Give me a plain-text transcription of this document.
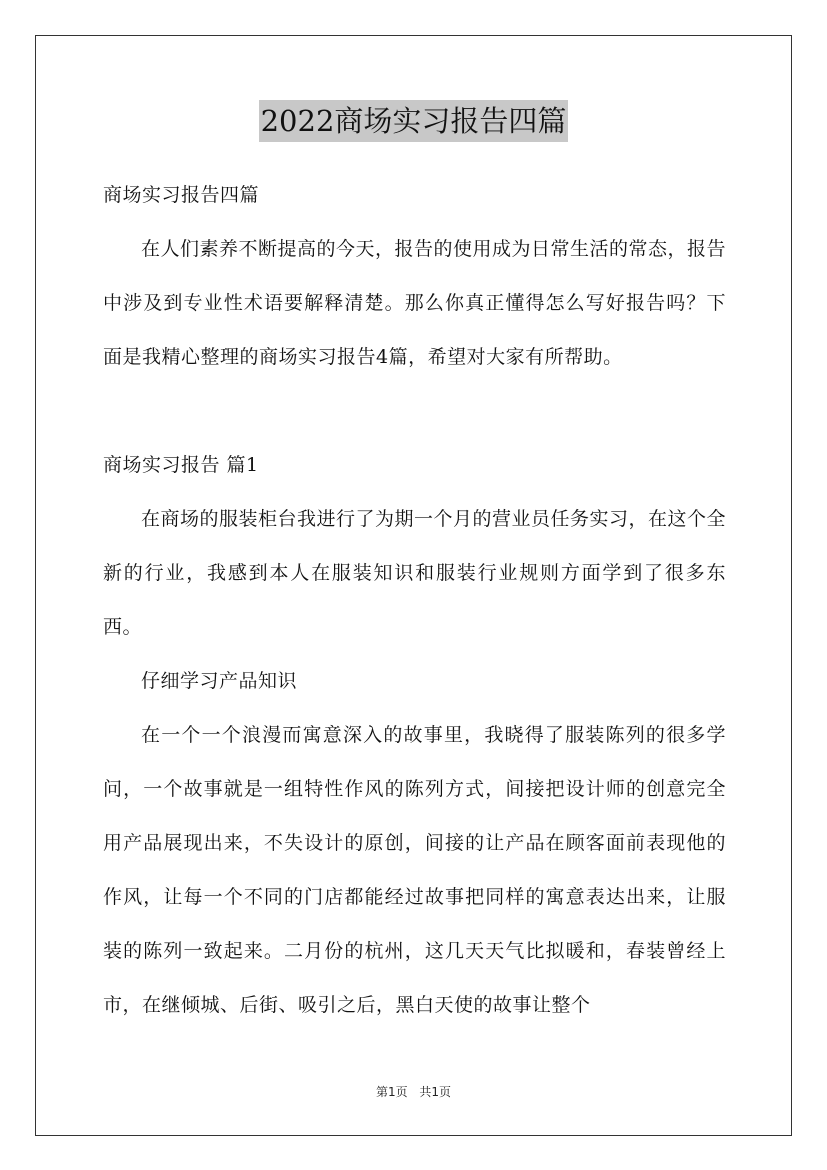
2022商场实习报告四篇

商场实习报告四篇

在人们素养不断提高的今天，报告的使用成为日常生活的常态，报告中涉及到专业性术语要解释清楚。那么你真正懂得怎么写好报告吗？下面是我精心整理的商场实习报告4篇，希望对大家有所帮助。

商场实习报告 篇1

在商场的服装柜台我进行了为期一个月的营业员任务实习，在这个全新的行业，我感到本人在服装知识和服装行业规则方面学到了很多东西。

仔细学习产品知识

在一个一个浪漫而寓意深入的故事里，我晓得了服装陈列的很多学问，一个故事就是一组特性作风的陈列方式，间接把设计师的创意完全用产品展现出来，不失设计的原创，间接的让产品在顾客面前表现他的作风，让每一个不同的门店都能经过故事把同样的寓意表达出来，让服装的陈列一致起来。二月份的杭州，这几天天气比拟暖和，春装曾经上市，在继倾城、后街、吸引之后，黑白天使的故事让整个

第1页 共1页
